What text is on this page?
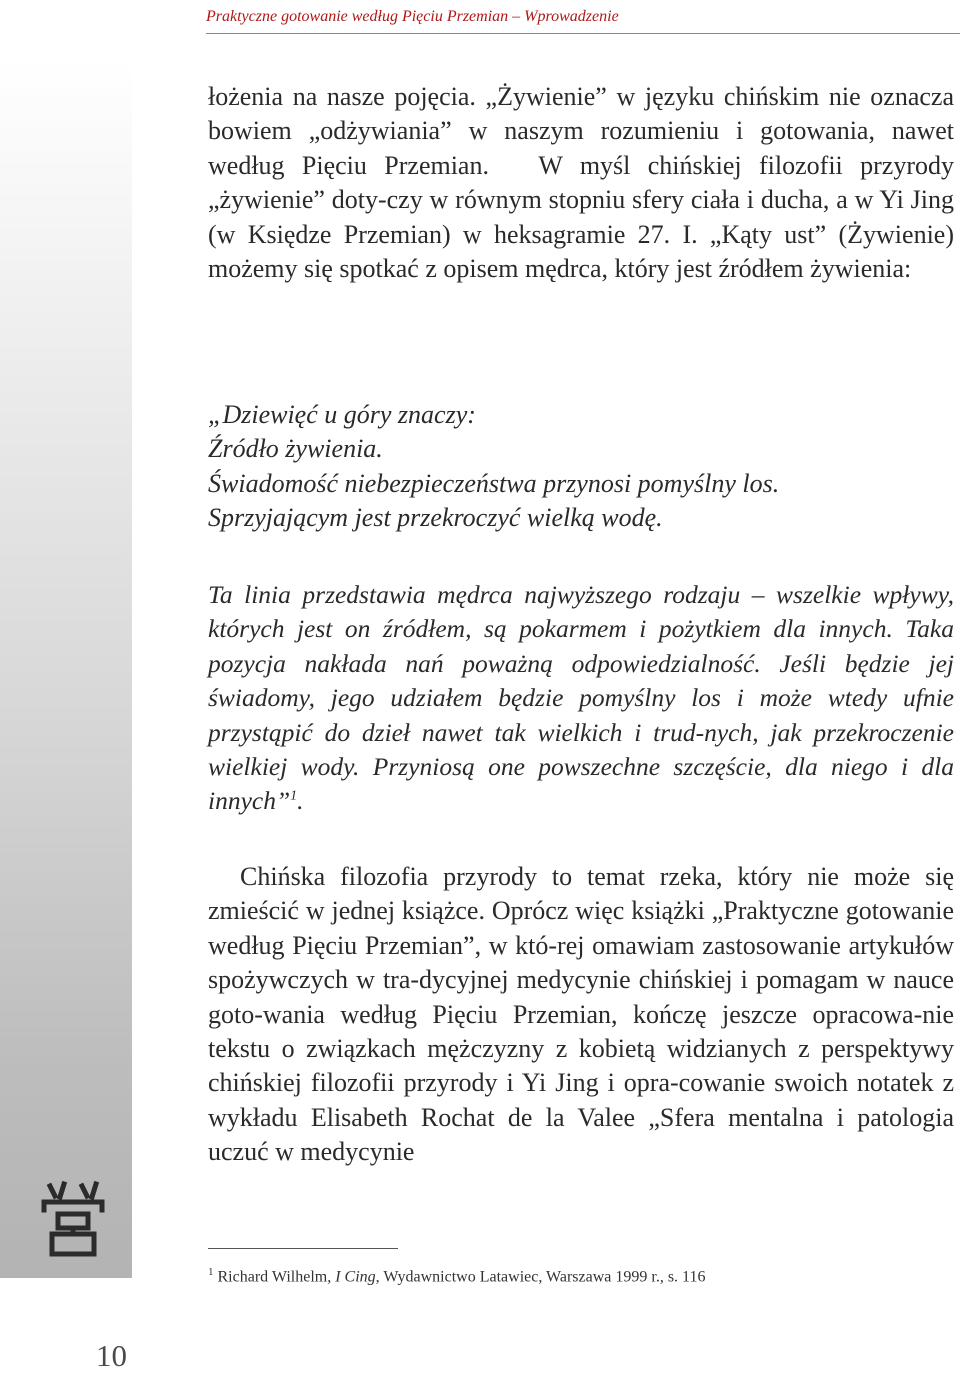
Praktyczne gotowanie według Pięciu Przemian – Wprowadzenie

łożenia na nasze pojęcia. „Żywienie” w języku chińskim nie oznacza bowiem „odżywiania” w naszym rozumieniu i gotowania, nawet według Pięciu Przemian. W myśl chińskiej filozofii przyrody „żywienie” doty-czy w równym stopniu sfery ciała i ducha, a w Yi Jing (w Księdze Przemian) w heksagramie 27. I. „Kąty ust” (Żywienie) możemy się spotkać z opisem mędrca, który jest źródłem żywienia:

„Dziewięć u góry znaczy:
Źródło żywienia.
Świadomość niebezpieczeństwa przynosi pomyślny los.
Sprzyjającym jest przekroczyć wielką wodę.

Ta linia przedstawia mędrca najwyższego rodzaju – wszelkie wpływy, których jest on źródłem, są pokarmem i pożytkiem dla innych. Taka pozycja nakłada nań poważną odpowiedzialność. Jeśli będzie jej świadomy, jego udziałem będzie pomyślny los i może wtedy ufnie przystąpić do dzieł nawet tak wielkich i trud-nych, jak przekroczenie wielkiej wody. Przyniosą one powszechne szczęście, dla niego i dla innych”$^1$.

Chińska filozofia przyrody to temat rzeka, który nie może się zmieścić w jednej książce. Oprócz więc książki „Praktyczne gotowanie według Pięciu Przemian”, w któ-rej omawiam zastosowanie artykułów spożywczych w tra-dycyjnej medycynie chińskiej i pomagam w nauce goto-wania według Pięciu Przemian, kończę jeszcze opracowa-nie tekstu o związkach mężczyzny z kobietą widzianych z perspektywy chińskiej filozofii przyrody i Yi Jing i opra-cowanie swoich notatek z wykładu Elisabeth Rochat de la Valee „Sfera mentalna i patologia uczuć w medycynie

$^1$ Richard Wilhelm, I Cing, Wydawnictwo Latawiec, Warszawa 1999 r., s. 116
10
